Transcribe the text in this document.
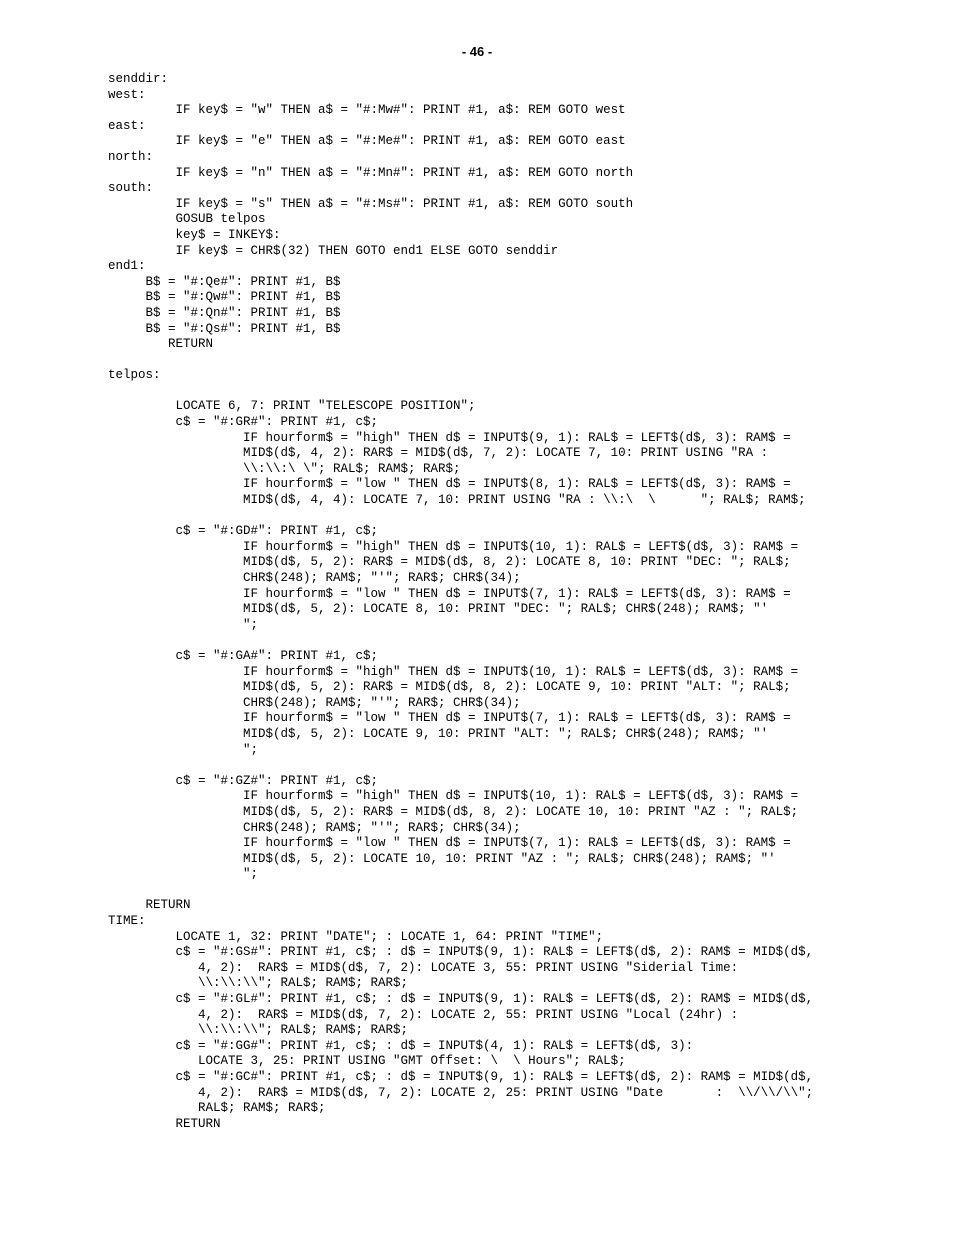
- 46 -
senddir:
west:
IF key$ = "w" THEN a$ = "#:Mw#": PRINT #1, a$: REM GOTO west
east:
IF key$ = "e" THEN a$ = "#:Me#": PRINT #1, a$: REM GOTO east
north:
IF key$ = "n" THEN a$ = "#:Mn#": PRINT #1, a$: REM GOTO north
south:
IF key$ = "s" THEN a$ = "#:Ms#": PRINT #1, a$: REM GOTO south
GOSUB telpos
key$ = INKEY$:
IF key$ = CHR$(32) THEN GOTO end1 ELSE GOTO senddir
end1:
B$ = "#:Qe#": PRINT #1, B$
B$ = "#:Qw#": PRINT #1, B$
B$ = "#:Qn#": PRINT #1, B$
B$ = "#:Qs#": PRINT #1, B$
RETURN
telpos:
LOCATE 6, 7: PRINT "TELESCOPE POSITION";
c$ = "#:GR#": PRINT #1, c$;
IF hourform$ = "high" THEN d$ = INPUT$(9, 1): RAL$ = LEFT$(d$, 3): RAM$ =
MID$(d$, 4, 2): RAR$ = MID$(d$, 7, 2): LOCATE 7, 10: PRINT USING "RA :
\\:\\:\ \"; RAL$; RAM$; RAR$;
IF hourform$ = "low " THEN d$ = INPUT$(8, 1): RAL$ = LEFT$(d$, 3): RAM$ =
MID$(d$, 4, 4): LOCATE 7, 10: PRINT USING "RA : \\:\  \      "; RAL$; RAM$;
c$ = "#:GD#": PRINT #1, c$;
IF hourform$ = "high" THEN d$ = INPUT$(10, 1): RAL$ = LEFT$(d$, 3): RAM$ =
MID$(d$, 5, 2): RAR$ = MID$(d$, 8, 2): LOCATE 8, 10: PRINT "DEC: "; RAL$;
CHR$(248); RAM$; "'"; RAR$; CHR$(34);
IF hourform$ = "low " THEN d$ = INPUT$(7, 1): RAL$ = LEFT$(d$, 3): RAM$ =
MID$(d$, 5, 2): LOCATE 8, 10: PRINT "DEC: "; RAL$; CHR$(248); RAM$; "'
";
c$ = "#:GA#": PRINT #1, c$;
IF hourform$ = "high" THEN d$ = INPUT$(10, 1): RAL$ = LEFT$(d$, 3): RAM$ =
MID$(d$, 5, 2): RAR$ = MID$(d$, 8, 2): LOCATE 9, 10: PRINT "ALT: "; RAL$;
CHR$(248); RAM$; "'"; RAR$; CHR$(34);
IF hourform$ = "low " THEN d$ = INPUT$(7, 1): RAL$ = LEFT$(d$, 3): RAM$ =
MID$(d$, 5, 2): LOCATE 9, 10: PRINT "ALT: "; RAL$; CHR$(248); RAM$; "'
";
c$ = "#:GZ#": PRINT #1, c$;
IF hourform$ = "high" THEN d$ = INPUT$(10, 1): RAL$ = LEFT$(d$, 3): RAM$ =
MID$(d$, 5, 2): RAR$ = MID$(d$, 8, 2): LOCATE 10, 10: PRINT "AZ : "; RAL$;
CHR$(248); RAM$; "'"; RAR$; CHR$(34);
IF hourform$ = "low " THEN d$ = INPUT$(7, 1): RAL$ = LEFT$(d$, 3): RAM$ =
MID$(d$, 5, 2): LOCATE 10, 10: PRINT "AZ : "; RAL$; CHR$(248); RAM$; "'
";
RETURN
TIME:
LOCATE 1, 32: PRINT "DATE"; : LOCATE 1, 64: PRINT "TIME";
c$ = "#:GS#": PRINT #1, c$; : d$ = INPUT$(9, 1): RAL$ = LEFT$(d$, 2): RAM$ = MID$(d$,
4, 2):  RAR$ = MID$(d$, 7, 2): LOCATE 3, 55: PRINT USING "Siderial Time:
\\:\\:\\"; RAL$; RAM$; RAR$;
c$ = "#:GL#": PRINT #1, c$; : d$ = INPUT$(9, 1): RAL$ = LEFT$(d$, 2): RAM$ = MID$(d$,
4, 2):  RAR$ = MID$(d$, 7, 2): LOCATE 2, 55: PRINT USING "Local (24hr) :
\\:\\:\\"; RAL$; RAM$; RAR$;
c$ = "#:GG#": PRINT #1, c$; : d$ = INPUT$(4, 1): RAL$ = LEFT$(d$, 3):
LOCATE 3, 25: PRINT USING "GMT Offset: \  \ Hours"; RAL$;
c$ = "#:GC#": PRINT #1, c$; : d$ = INPUT$(9, 1): RAL$ = LEFT$(d$, 2): RAM$ = MID$(d$,
4, 2):  RAR$ = MID$(d$, 7, 2): LOCATE 2, 25: PRINT USING "Date       :  \\/\\/\\";
RAL$; RAM$; RAR$;
RETURN
